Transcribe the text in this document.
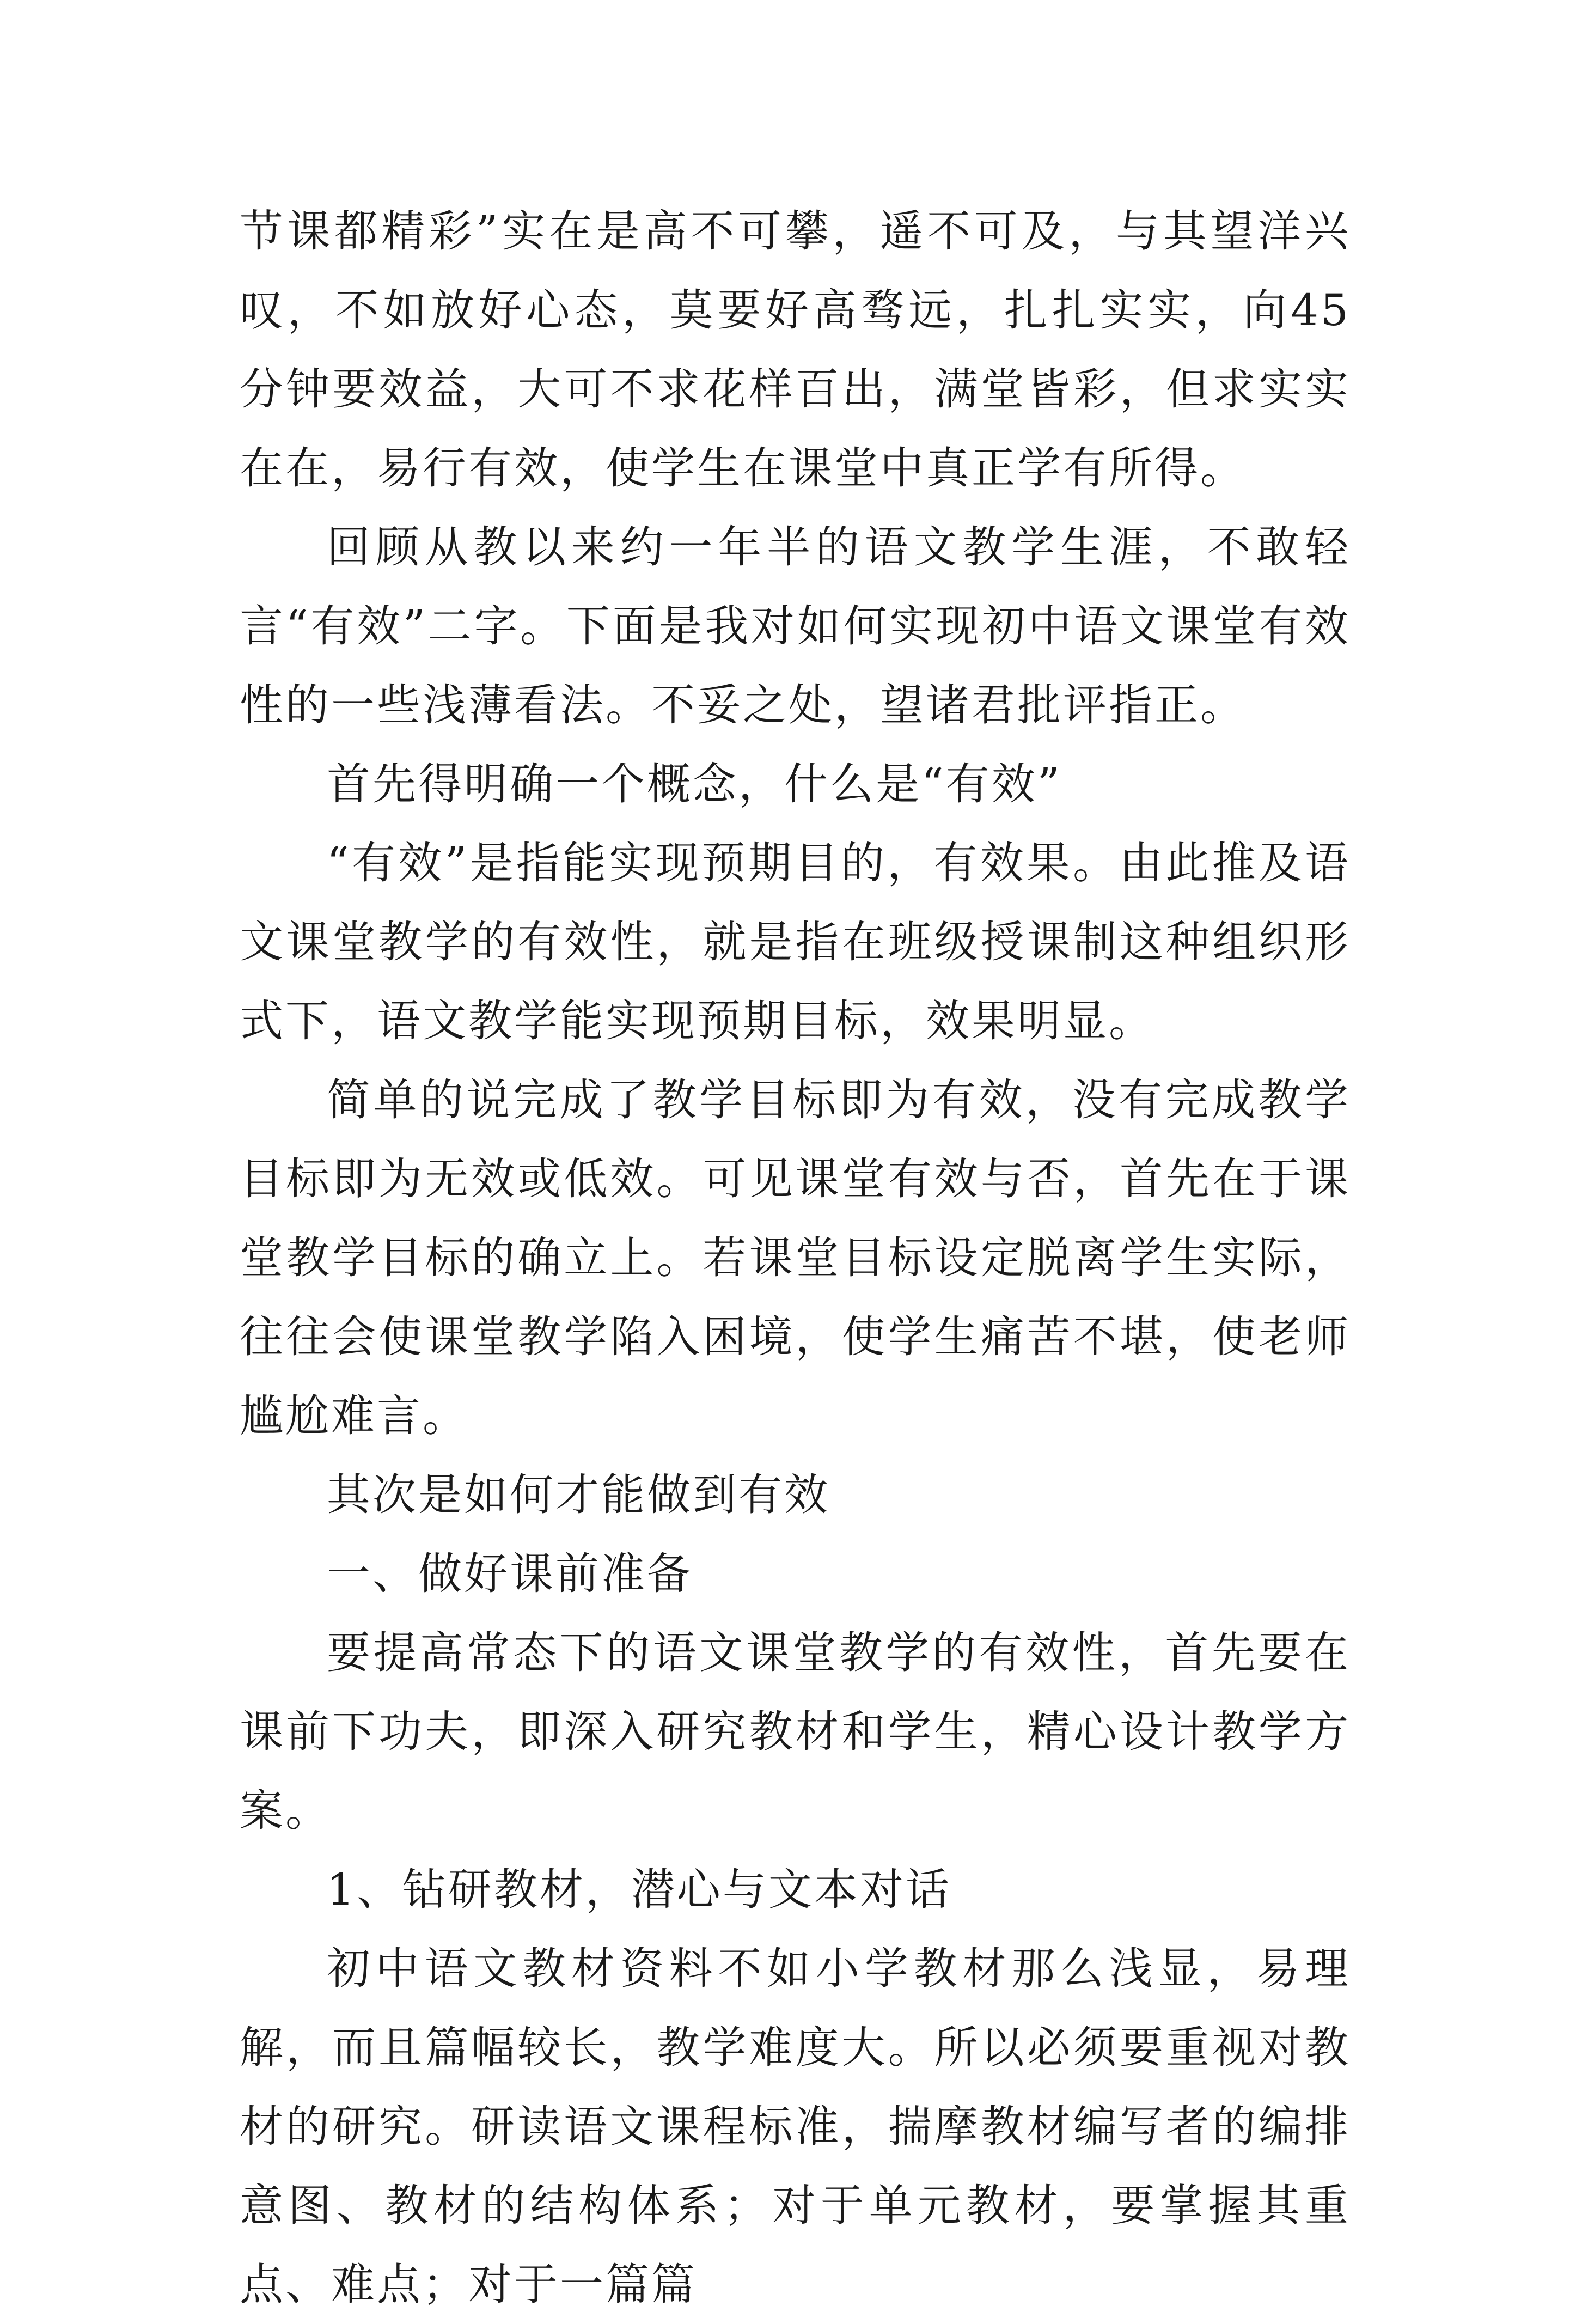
节课都精彩”实在是高不可攀，遥不可及，与其望洋兴叹，不如放好心态，莫要好高骛远，扎扎实实，向45分钟要效益，大可不求花样百出，满堂皆彩，但求实实在在，易行有效，使学生在课堂中真正学有所得。

回顾从教以来约一年半的语文教学生涯，不敢轻言“有效”二字。下面是我对如何实现初中语文课堂有效性的一些浅薄看法。不妥之处，望诸君批评指正。

首先得明确一个概念，什么是“有效”

“有效”是指能实现预期目的，有效果。由此推及语文课堂教学的有效性，就是指在班级授课制这种组织形式下，语文教学能实现预期目标，效果明显。

简单的说完成了教学目标即为有效，没有完成教学目标即为无效或低效。可见课堂有效与否，首先在于课堂教学目标的确立上。若课堂目标设定脱离学生实际，往往会使课堂教学陷入困境，使学生痛苦不堪，使老师尴尬难言。

其次是如何才能做到有效

一、做好课前准备

要提高常态下的语文课堂教学的有效性，首先要在课前下功夫，即深入研究教材和学生，精心设计教学方案。

1、钻研教材，潜心与文本对话

初中语文教材资料不如小学教材那么浅显，易理解，而且篇幅较长，教学难度大。所以必须要重视对教材的研究。研读语文课程标准，揣摩教材编写者的编排意图、教材的结构体系；对于单元教材，要掌握其重点、难点；对于一篇篇
